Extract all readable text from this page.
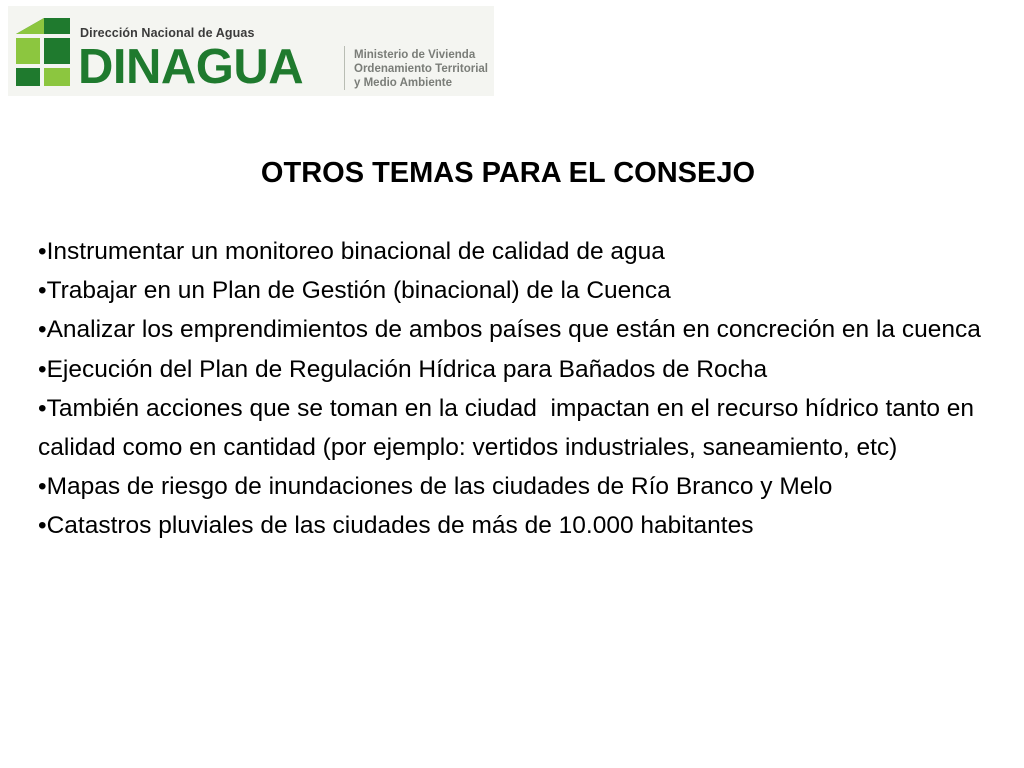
Dirección Nacional de Aguas
DINAGUA	Ministerio de Vivienda
Ordenamiento Territorial
y Medio Ambiente
OTROS TEMAS PARA EL CONSEJO
•Instrumentar un monitoreo binacional de calidad de agua
•Trabajar en un Plan de Gestión (binacional) de la Cuenca
•Analizar los emprendimientos de ambos países que están en concreción en la cuenca
•Ejecución del Plan de Regulación Hídrica para Bañados de Rocha
•También acciones que se toman en la ciudad  impactan en el recurso hídrico tanto en calidad como en cantidad (por ejemplo: vertidos industriales, saneamiento, etc)
•Mapas de riesgo de inundaciones de las ciudades de Río Branco y Melo
•Catastros pluviales de las ciudades de más de 10.000 habitantes
